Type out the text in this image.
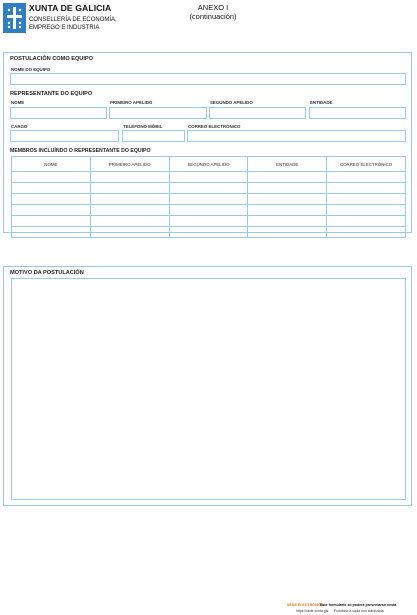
XUNTA DE GALICIA
CONSELLERÍA DE ECONOMÍA,
EMPREGO E INDUSTRIA
ANEXO I
(continuación)
POSTULACIÓN COMO EQUIPO
NOME DO EQUIPO
REPRESENTANTE DO EQUIPO
NOME	PRIMEIRO APELIDO	SEGUNDO APELIDO	ENTIDADE
CARGO	TELÉFONO MÓBIL	CORREO ELECTRÓNICO
MEMBROS INCLUÍNDO O REPRESENTANTE DO EQUIPO
NOME	PRIMEIRO APELIDO	SEGUNDO APELIDO	ENTIDADE	CORREO ELECTRÓNICO

MOTIVO DA POSTULACIÓN
SEDE ELECTRÓNICA
Este formulario só poderá presentarse nesta
https://sede.xunta.gal Prohibida a copia non autorizada
